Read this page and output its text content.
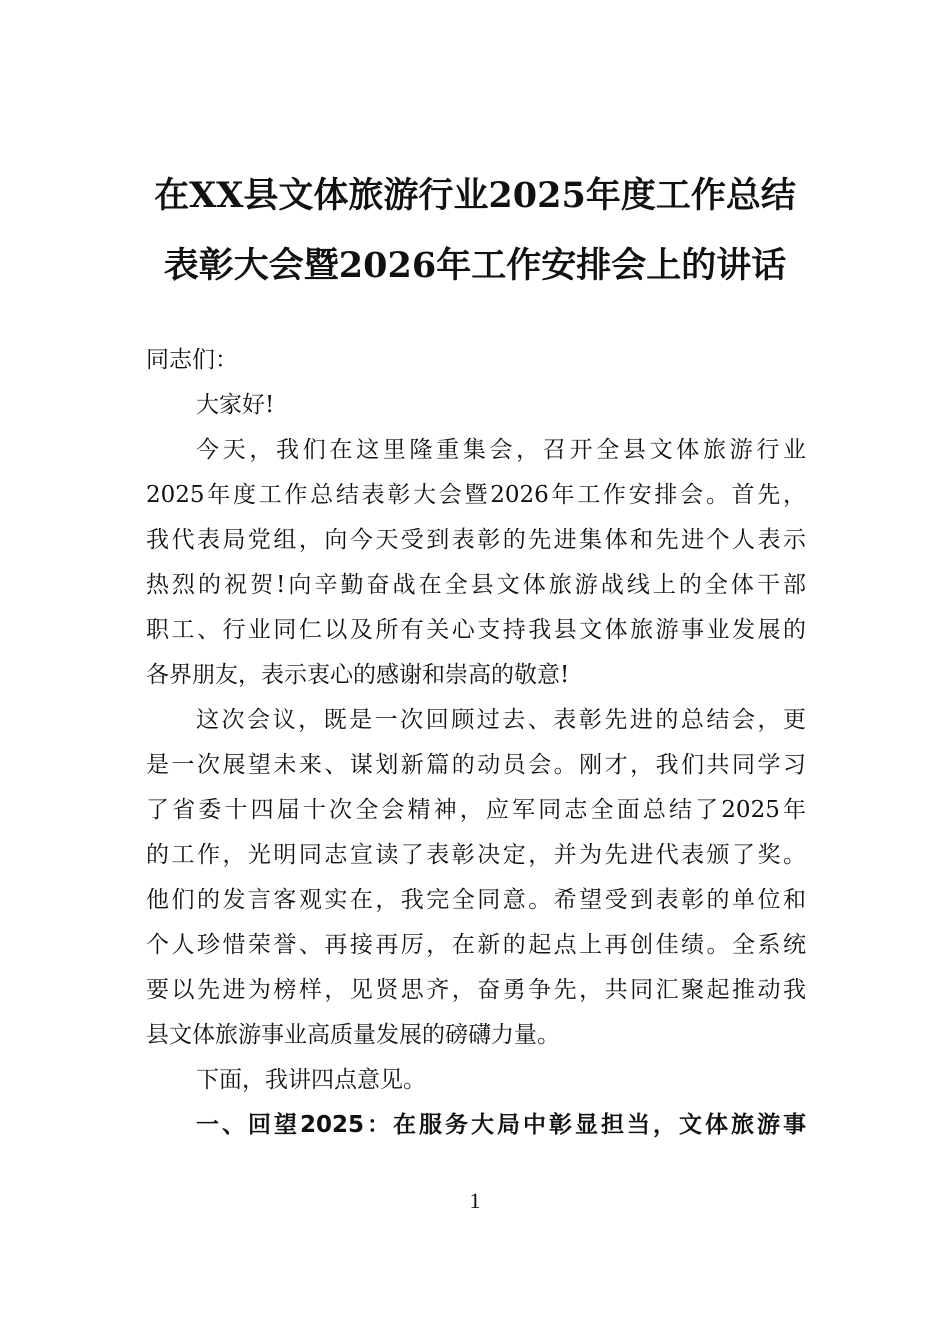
在XX县文体旅游行业2025年度工作总结
表彰大会暨2026年工作安排会上的讲话
同志们：
大家好!
今天，我们在这里隆重集会，召开全县文体旅游行业
2025年度工作总结表彰大会暨2026年工作安排会。首先，
我代表局党组，向今天受到表彰的先进集体和先进个人表示
热烈的祝贺!向辛勤奋战在全县文体旅游战线上的全体干部
职工、行业同仁以及所有关心支持我县文体旅游事业发展的
各界朋友，表示衷心的感谢和崇高的敬意!
这次会议，既是一次回顾过去、表彰先进的总结会，更
是一次展望未来、谋划新篇的动员会。刚才，我们共同学习
了省委十四届十次全会精神，应军同志全面总结了2025年
的工作，光明同志宣读了表彰决定，并为先进代表颁了奖。
他们的发言客观实在，我完全同意。希望受到表彰的单位和
个人珍惜荣誉、再接再厉，在新的起点上再创佳绩。全系统
要以先进为榜样，见贤思齐，奋勇争先，共同汇聚起推动我
县文体旅游事业高质量发展的磅礴力量。
下面，我讲四点意见。
一、回望2025：在服务大局中彰显担当，文体旅游事
1
